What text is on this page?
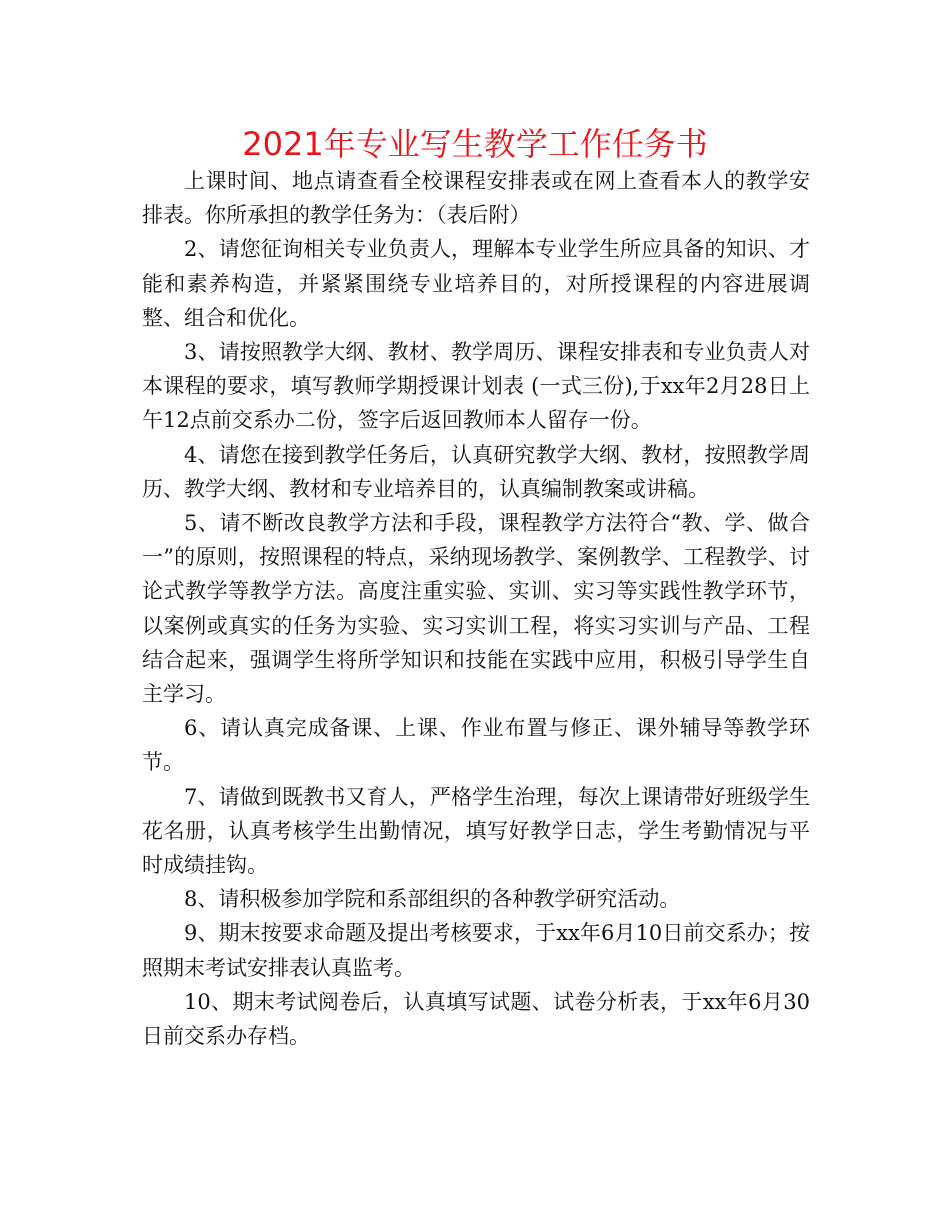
2021年专业写生教学工作任务书

上课时间、地点请查看全校课程安排表或在网上查看本人的教学安排表。你所承担的教学任务为：（表后附）

2、请您征询相关专业负责人，理解本专业学生所应具备的知识、才能和素养构造，并紧紧围绕专业培养目的，对所授课程的内容进展调整、组合和优化。

3、请按照教学大纲、教材、教学周历、课程安排表和专业负责人对本课程的要求，填写教师学期授课计划表 (一式三份),于xx年2月28日上午12点前交系办二份，签字后返回教师本人留存一份。

4、请您在接到教学任务后，认真研究教学大纲、教材，按照教学周历、教学大纲、教材和专业培养目的，认真编制教案或讲稿。

5、请不断改良教学方法和手段，课程教学方法符合“教、学、做合一”的原则，按照课程的特点，采纳现场教学、案例教学、工程教学、讨论式教学等教学方法。高度注重实验、实训、实习等实践性教学环节，以案例或真实的任务为实验、实习实训工程，将实习实训与产品、工程结合起来，强调学生将所学知识和技能在实践中应用，积极引导学生自主学习。

6、请认真完成备课、上课、作业布置与修正、课外辅导等教学环节。

7、请做到既教书又育人，严格学生治理，每次上课请带好班级学生花名册，认真考核学生出勤情况，填写好教学日志，学生考勤情况与平时成绩挂钩。

8、请积极参加学院和系部组织的各种教学研究活动。

9、期末按要求命题及提出考核要求，于xx年6月10日前交系办；按照期末考试安排表认真监考。

10、期末考试阅卷后，认真填写试题、试卷分析表，于xx年6月30日前交系办存档。
